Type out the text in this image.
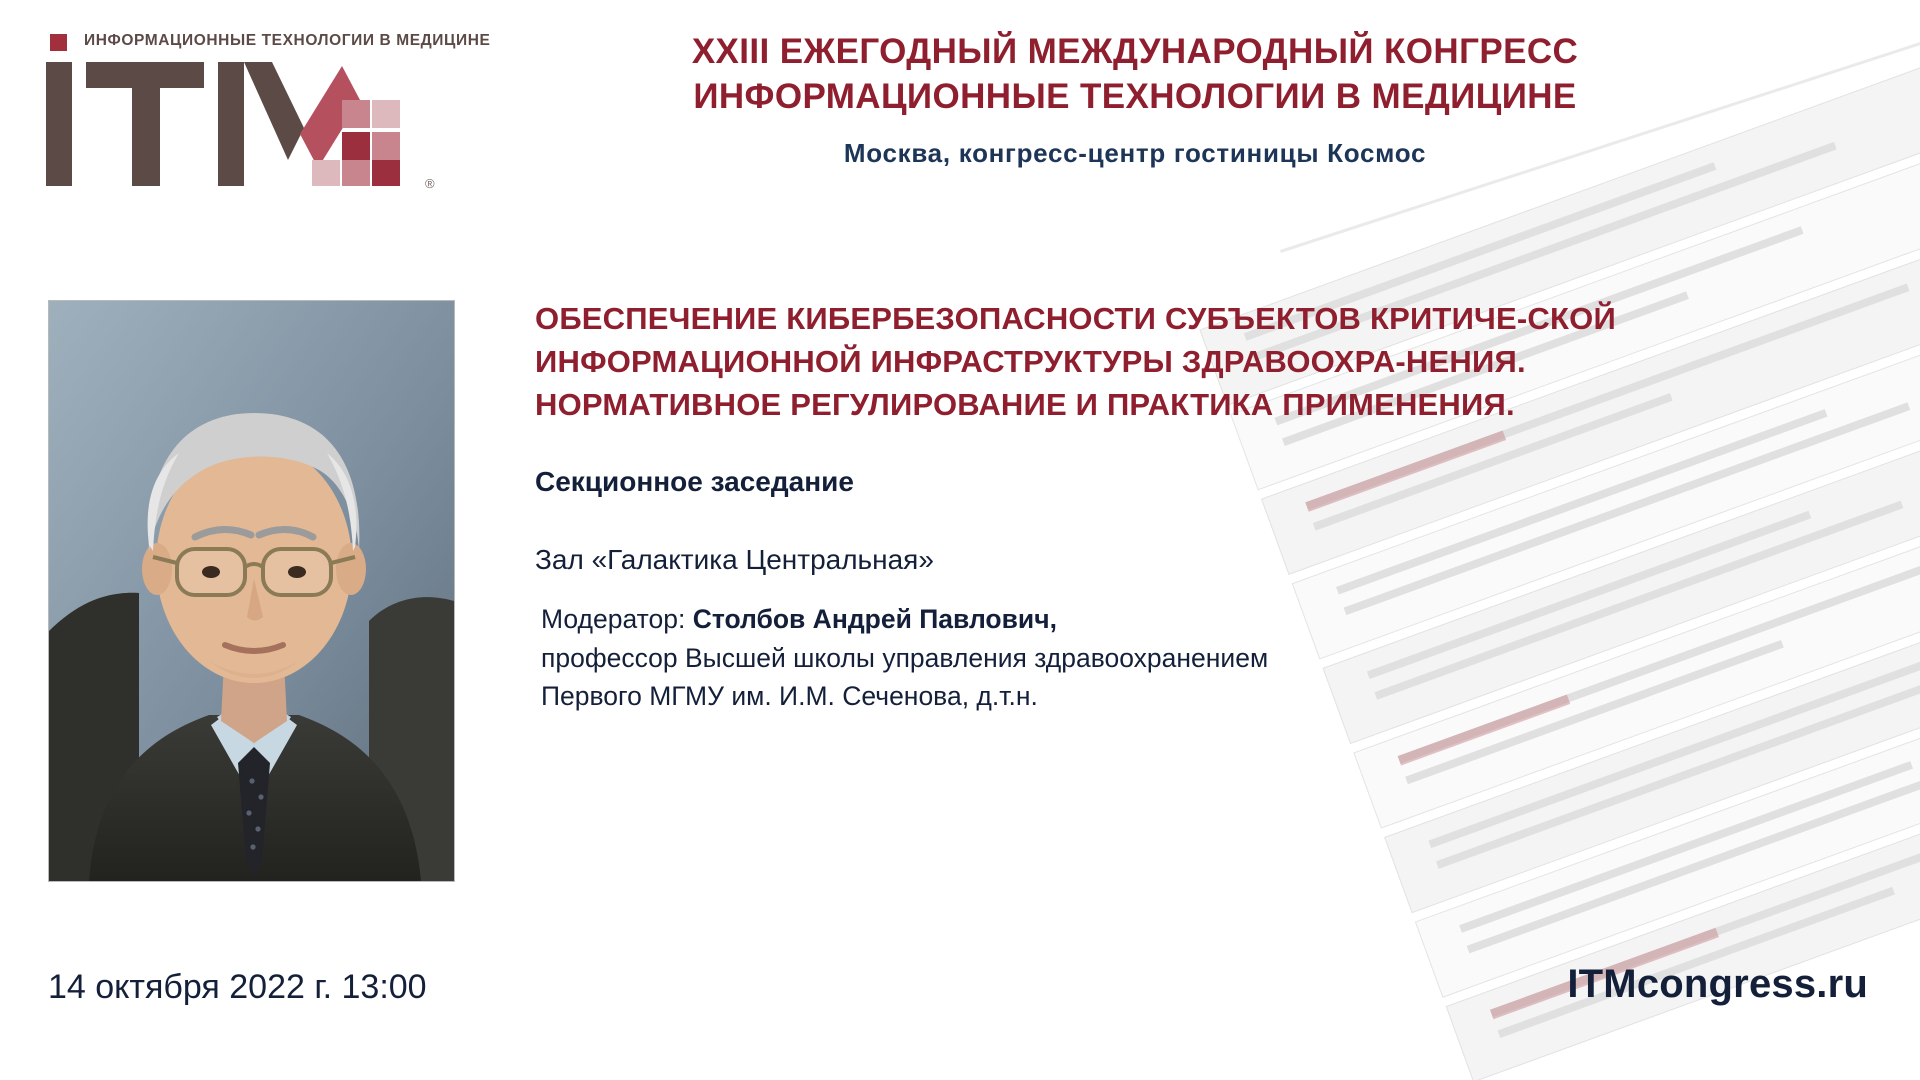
ИНФОРМАЦИОННЫЕ ТЕХНОЛОГИИ В МЕДИЦИНЕ
®
XXIII ЕЖЕГОДНЫЙ МЕЖДУНАРОДНЫЙ КОНГРЕСС
ИНФОРМАЦИОННЫЕ ТЕХНОЛОГИИ В МЕДИЦИНЕ
Москва, конгресс-центр гостиницы Космос
ОБЕСПЕЧЕНИЕ КИБЕРБЕЗОПАСНОСТИ СУБЪЕКТОВ КРИТИЧЕ-СКОЙ ИНФОРМАЦИОННОЙ ИНФРАСТРУКТУРЫ ЗДРАВООХРА-НЕНИЯ. НОРМАТИВНОЕ РЕГУЛИРОВАНИЕ И ПРАКТИКА ПРИМЕНЕНИЯ.
Секционное заседание
Зал «Галактика Центральная»
Модератор: Столбов Андрей Павлович,
профессор Высшей школы управления здравоохранением
Первого МГМУ им. И.М. Сеченова, д.т.н.
14 октября 2022 г. 13:00	ITMcongress.ru
